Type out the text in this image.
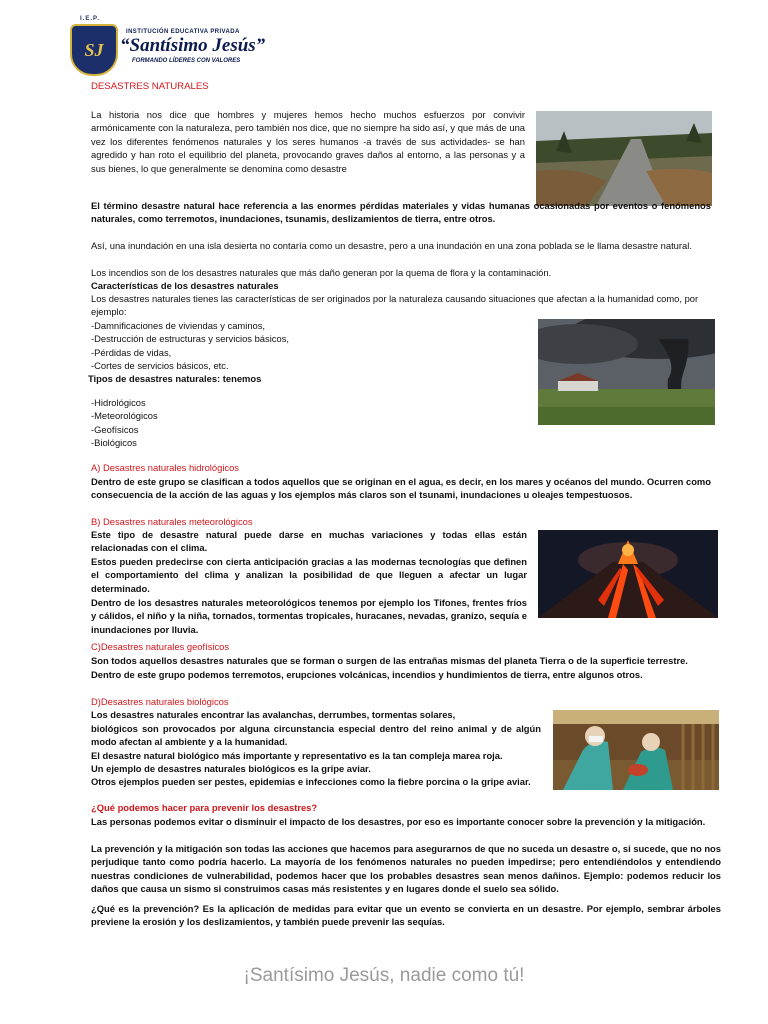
I.E.P.
SJ
INSTITUCIÓN EDUCATIVA PRIVADA
“Santísimo Jesús”
FORMANDO LÍDERES CON VALORES
DESASTRES NATURALES
La historia nos dice que hombres y mujeres hemos hecho muchos esfuerzos por convivir armónicamente con la naturaleza, pero también nos dice, que no siempre ha sido así, y que más de una vez los diferentes fenómenos naturales y los seres humanos -a través de sus actividades- se han agredido y han roto el equilibrio del planeta, provocando graves daños al entorno, a las personas y a sus bienes, lo que generalmente se denomina como desastre
El término desastre natural hace referencia a las enormes pérdidas materiales y vidas humanas ocasionadas por eventos o fenómenos naturales, como terremotos, inundaciones, tsunamis, deslizamientos de tierra, entre otros.
Así, una inundación en una isla desierta no contaría como un desastre, pero a una inundación en una zona poblada se le llama desastre natural.
Los incendios son de los desastres naturales que más daño generan por la quema de flora y la contaminación.
Características de los desastres naturales
Los desastres naturales tienes las características de ser originados por la naturaleza causando situaciones que afectan a la humanidad como, por ejemplo:
-Damnificaciones de viviendas y caminos,
-Destrucción de estructuras y servicios básicos,
-Pérdidas de vidas,
-Cortes de servicios básicos, etc.
Tipos de desastres naturales: tenemos
-Hidrológicos
-Meteorológicos
-Geofísicos
-Biológicos
A) Desastres naturales hidrológicos
Dentro de este grupo se clasifican a todos aquellos que se originan en el agua, es decir, en los mares y océanos del mundo. Ocurren como consecuencia de la acción de las aguas y los ejemplos más claros son el tsunami, inundaciones u oleajes tempestuosos.
B) Desastres naturales meteorológicos
Este tipo de desastre natural puede darse en muchas variaciones y todas ellas están relacionadas con el clima.
Estos pueden predecirse con cierta anticipación gracias a las modernas tecnologías que definen el comportamiento del clima y analizan la posibilidad de que lleguen a afectar un lugar determinado.
Dentro de los desastres naturales meteorológicos tenemos por ejemplo los Tifones, frentes fríos y cálidos, el niño y la niña, tornados, tormentas tropicales, huracanes, nevadas, granizo, sequía e inundaciones por lluvia.
C)Desastres naturales geofísicos
Son todos aquellos desastres naturales que se forman o surgen de las entrañas mismas del planeta Tierra o de la superficie terrestre.
Dentro de este grupo podemos terremotos, erupciones volcánicas, incendios y hundimientos de tierra, entre algunos otros.
D)Desastres naturales biológicos
Los desastres naturales encontrar las avalanchas, derrumbes, tormentas solares,
biológicos son provocados por alguna circunstancia especial dentro del reino animal y de algún modo afectan al ambiente y a la humanidad.
El desastre natural biológico más importante y representativo es la tan compleja marea roja.
Un ejemplo de desastres naturales biológicos es la gripe aviar.
Otros ejemplos pueden ser pestes, epidemias e infecciones como la fiebre porcina o la gripe aviar.
¿Qué podemos hacer para prevenir los desastres?
Las personas podemos evitar o disminuir el impacto de los desastres, por eso es importante conocer sobre la prevención y la mitigación.
La prevención y la mitigación son todas las acciones que hacemos para asegurarnos de que no suceda un desastre o, si sucede, que no nos perjudique tanto como podría hacerlo. La mayoría de los fenómenos naturales no pueden impedirse; pero entendiéndolos y entendiendo nuestras condiciones de vulnerabilidad, podemos hacer que los probables desastres sean menos dañinos. Ejemplo: podemos reducir los daños que causa un sismo si construimos casas más resistentes y en lugares donde el suelo sea sólido.
¿Qué es la prevención? Es la aplicación de medidas para evitar que un evento se convierta en un desastre. Por ejemplo, sembrar árboles previene la erosión y los deslizamientos, y también puede prevenir las sequías.
¡Santísimo Jesús, nadie como tú!
